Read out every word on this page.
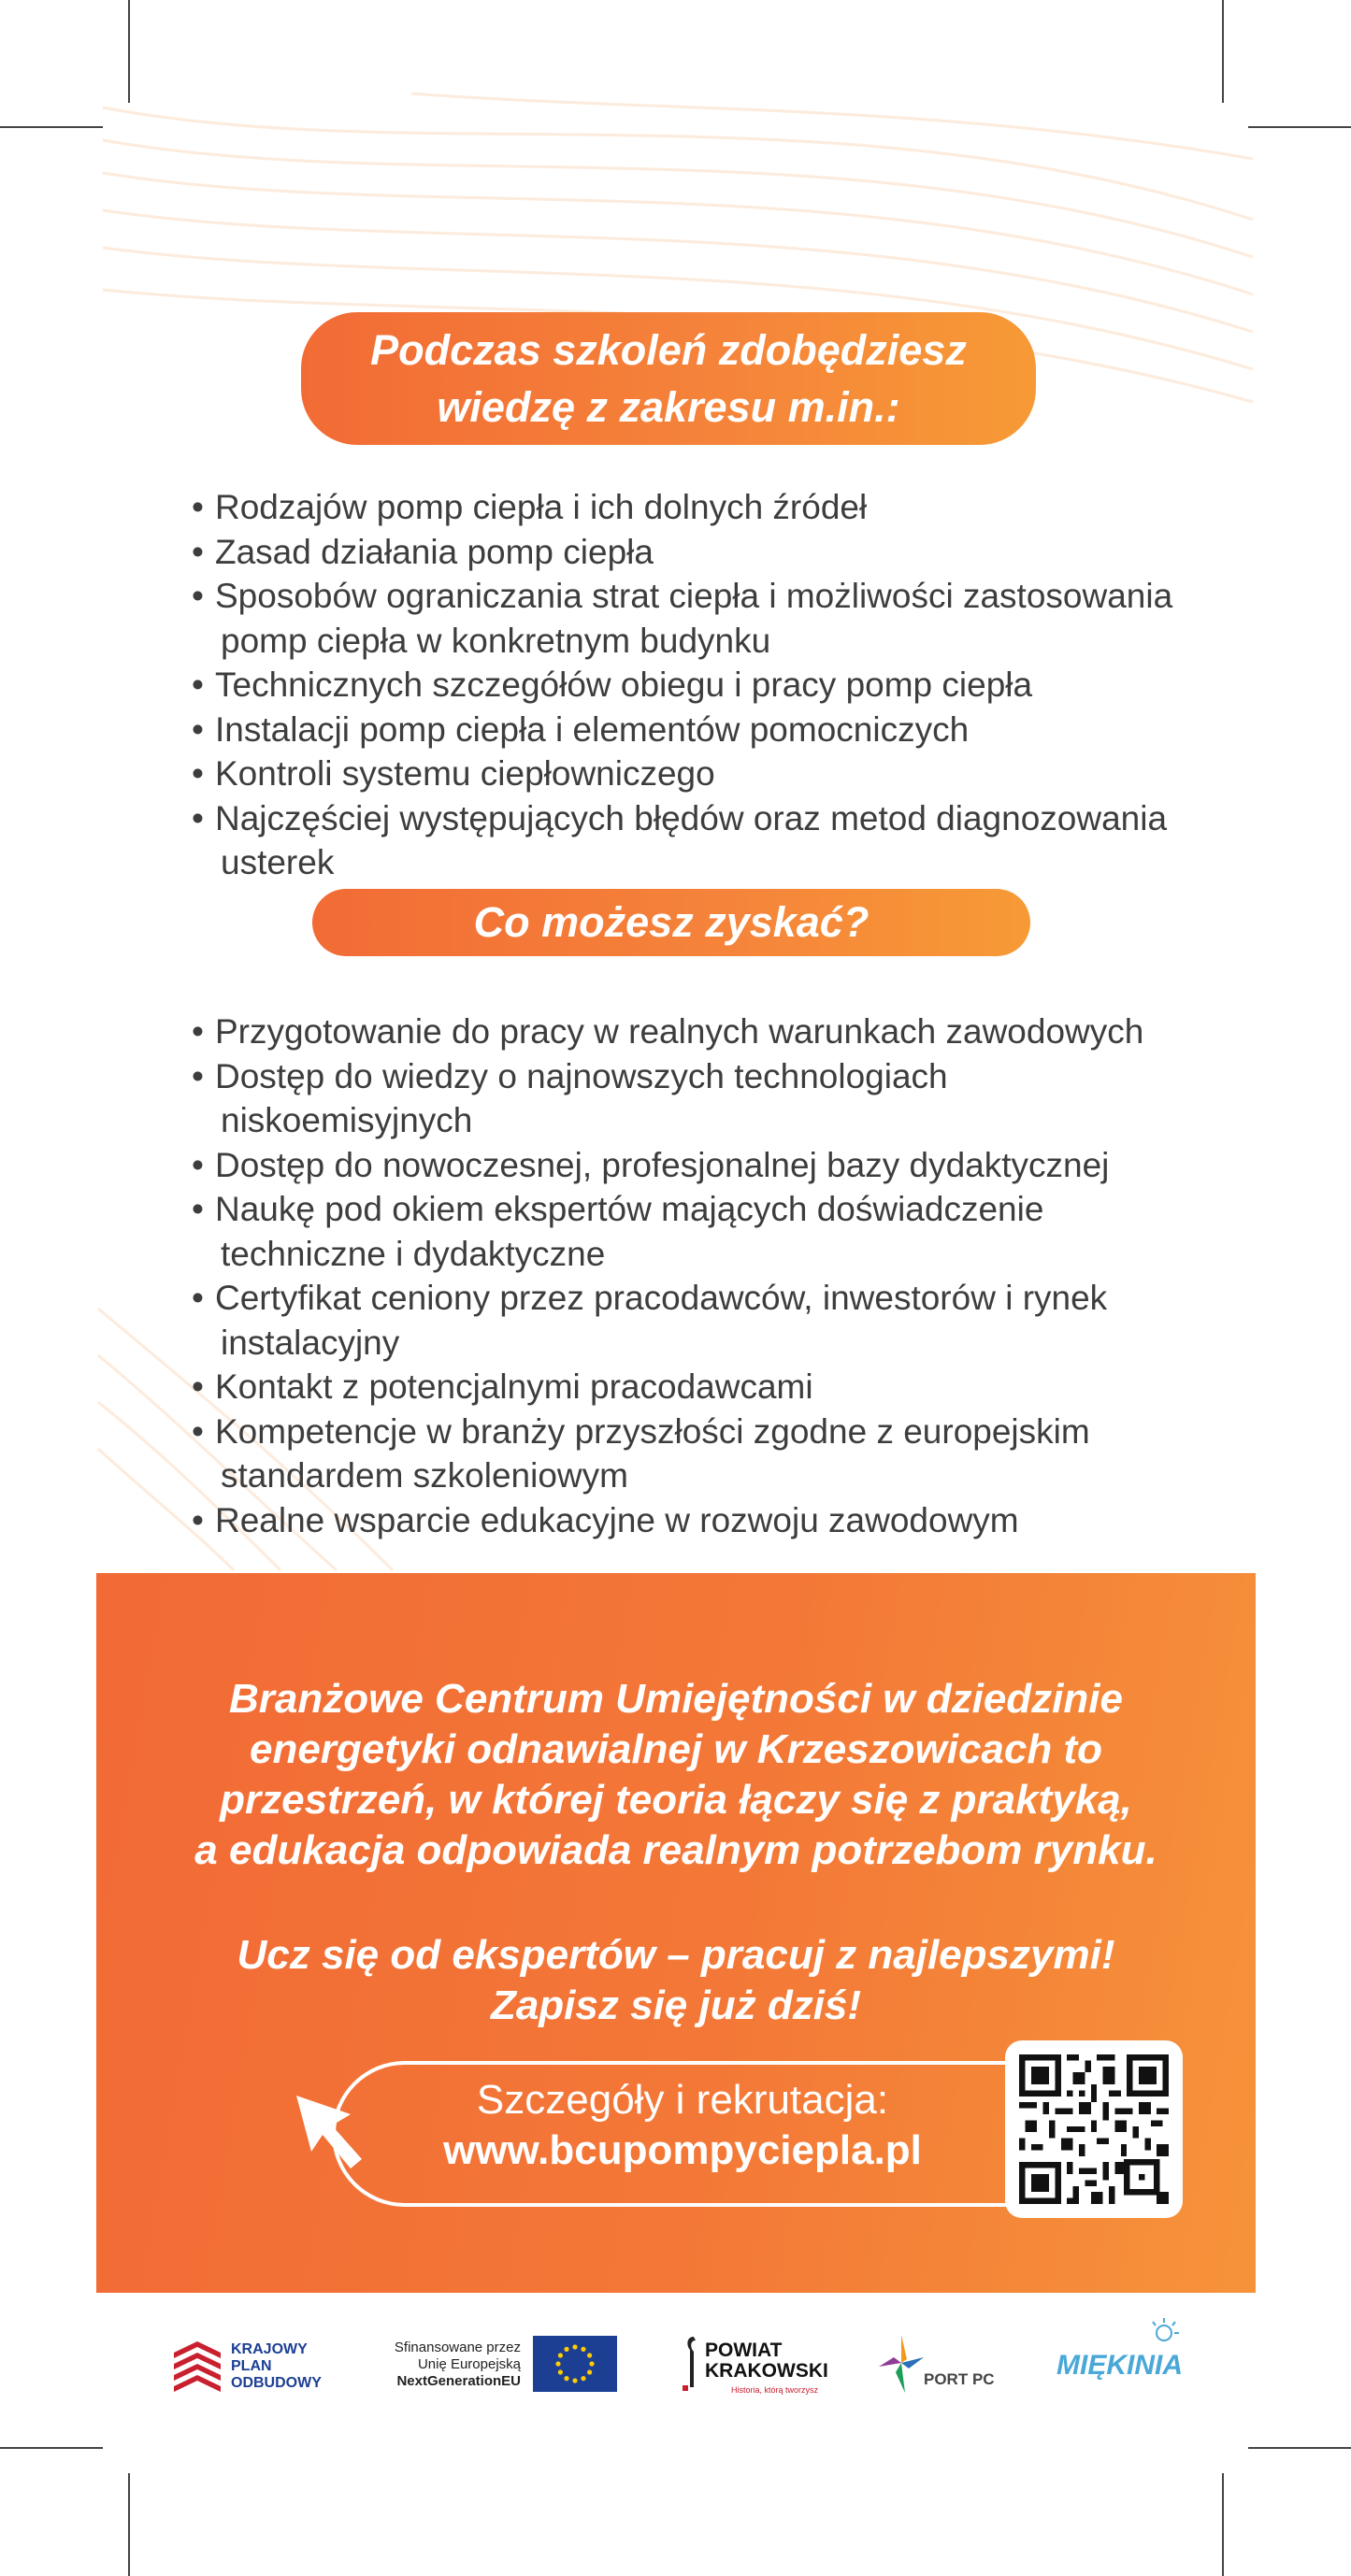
Podczas szkoleń zdobędziesz
wiedzę z zakresu m.in.:
• Rodzajów pomp ciepła i ich dolnych źródeł
• Zasad działania pomp ciepła
• Sposobów ograniczania strat ciepła i możliwości zastosowania
pomp ciepła w konkretnym budynku
• Technicznych szczegółów obiegu i pracy pomp ciepła
• Instalacji pomp ciepła i elementów pomocniczych
• Kontroli systemu ciepłowniczego
• Najczęściej występujących błędów oraz metod diagnozowania
usterek
Co możesz zyskać?
• Przygotowanie do pracy w realnych warunkach zawodowych
• Dostęp do wiedzy o najnowszych technologiach
niskoemisyjnych
• Dostęp do nowoczesnej, profesjonalnej bazy dydaktycznej
• Naukę pod okiem ekspertów mających doświadczenie
techniczne i dydaktyczne
• Certyfikat ceniony przez pracodawców, inwestorów i rynek
instalacyjny
• Kontakt z potencjalnymi pracodawcami
• Kompetencje w branży przyszłości zgodne z europejskim
standardem szkoleniowym
• Realne wsparcie edukacyjne w rozwoju zawodowym
Branżowe Centrum Umiejętności w dziedzinie
energetyki odnawialnej w Krzeszowicach to
przestrzeń, w której teoria łączy się z praktyką,
a edukacja odpowiada realnym potrzebom rynku.
Ucz się od ekspertów – pracuj z najlepszymi!
Zapisz się już dziś!
Szczegóły i rekrutacja:
www.bcupompyciepla.pl
KRAJOWY
PLAN
ODBUDOWY
Sfinansowane przez
Unię Europejską
NextGenerationEU
POWIAT
KRAKOWSKI
Historia, którą tworzysz
PORT PC MIĘKINIA
